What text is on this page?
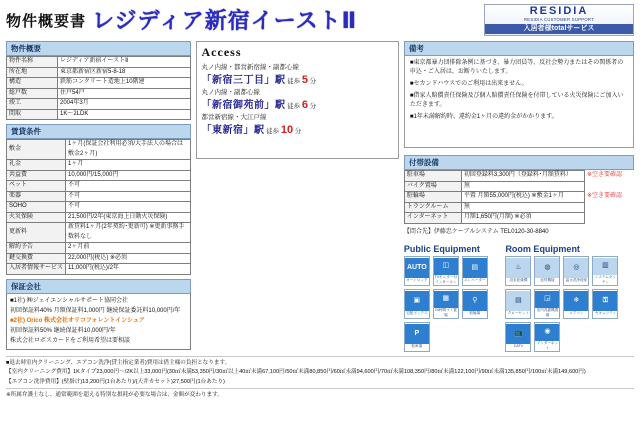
物件概要書 レジディア新宿イーストⅡ	RESIDIA
RESIDIA CUSTOMER SUPPORT
入居者様totalサービス
物件概要
物件名称	レジディア新宿イーストⅡ
所在地	東京都新宿区新宿5-8-18
構造	鉄筋コンクリート造地上10階建
総戸数	住戸54戸
竣工	2004年3月
間取	1K～2LDK
賃貸条件
敷金	1ヶ月(保証会社利用必須/大手法人の場合は敷金2ヶ月)
礼金	1ヶ月
共益費	10,000円/15,000円
ペット	不可
楽器	不可
SOHO	不可
火災保険	21,500円/2年(東京海上日動火災保険)
更新料	新賃料1ヶ月(2年契約･更新可) ※更新事務手数料なし
解約予告	2ヶ月前
鍵交換費	22,000円(税込) ※必須
入居者情報サービス	11,000円(税込)/2年
保証会社
■1社) ㈱ジェイエンシャルサポート協同会社
初回保証料40% 月額保証料1,000円 継続保証委託料10,000円/年
■2社) Orico 株式会社オリコフォレントインシュア
初回保証料50% 継続保証料10,000円/年
株式会社ロボスカードをご利用希望は要相談
Access
丸ノ内線・都営新宿線・副都心線
「新宿三丁目」駅 徒歩 5 分
丸ノ内線・副都心線
「新宿御苑前」駅 徒歩 6 分
都営新宿線・大江戸線
「東新宿」駅 徒歩 10 分
備考

■東京都暴力団排除条例に基づき、暴力団員等、反社会勢力またはその関係者の申込・ご入居は、お断りいたします。

■セカンドハウスでのご利用は出来ません。

■借家人賠償責任保険及び個人賠償責任保険を付帯している火災保険にご加入いただきます。

■1年未満解約時、違約金1ヶ月の違約金がかかります。

付帯設備
駐車場	初回登録料3,300円（登録料･月額賃料）	※空き要確認
バイク置場	無	
駐輪場	平置 月額55,000円(税込) ※敷金1ヶ月	※空き要確認
トランクルーム	無	
インターネット	月額1,650円(月額) ※必須	
【問合先】伊藤忠ケーブルシステム TEL0120-30-8840
Public Equipment
AUTO
オートロック
◫
TVモニター付インターホン
▤
エレベーター
▣
宅配ボックス
▦
24時間ゴミ置場
⚲
駐輪場
P
駐車場
Room Equipment
♨
浴室乾燥機
◍
追焚機能
◎
温水洗浄便座
▥
システムキッチン
▤
クローゼット
◲
室内洗濯機置場
❄
エアコン
⚿
セキュリティ
📺
CATV
◉
インターネット

■退去時室内クリーニング、エアコン洗浄(貸主指定業者)費用は借主様の負担となります。

【室内クリーニング費用】1Kタイプ23,000円～/2K以上33,000円(30㎡未満53,350円/30㎡以上40㎡未満67,100円/50㎡未満80,850円/60㎡未満94,600円/70㎡未満108,350円/80㎡未満122,100円/90㎡未満135,850円/100㎡未満149,600円)

【エアコン洗浄費用】(壁掛け)13,200円(1台あたり)/(天井カセット)27,500円(1台あたり)

※所属弁護士なし、通常範囲を超える特別な損耗が必要な場合は、金額が変わります。
